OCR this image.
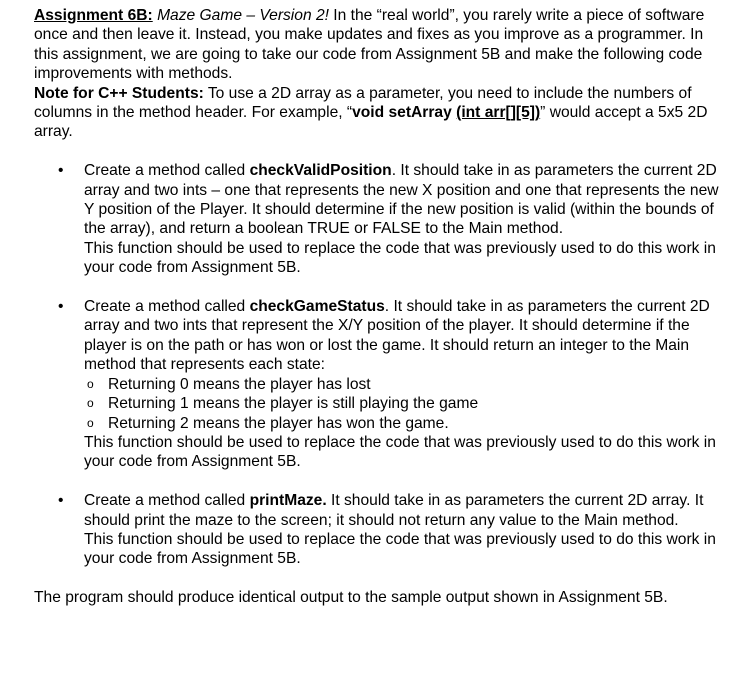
Assignment 6B: Maze Game – Version 2! In the “real world”, you rarely write a piece of software once and then leave it. Instead, you make updates and fixes as you improve as a programmer. In this assignment, we are going to take our code from Assignment 5B and make the following code improvements with methods.

Note for C++ Students: To use a 2D array as a parameter, you need to include the numbers of columns in the method header. For example, “void setArray (int arr[][5])” would accept a 5x5 2D array.

• Create a method called checkValidPosition. It should take in as parameters the current 2D array and two ints – one that represents the new X position and one that represents the new Y position of the Player. It should determine if the new position is valid (within the bounds of the array), and return a boolean TRUE or FALSE to the Main method.

This function should be used to replace the code that was previously used to do this work in your code from Assignment 5B.

• Create a method called checkGameStatus. It should take in as parameters the current 2D array and two ints that represent the X/Y position of the player. It should determine if the player is on the path or has won or lost the game. It should return an integer to the Main method that represents each state:

o Returning 0 means the player has lost
o Returning 1 means the player is still playing the game
o Returning 2 means the player has won the game.

This function should be used to replace the code that was previously used to do this work in your code from Assignment 5B.

• Create a method called printMaze. It should take in as parameters the current 2D array. It should print the maze to the screen; it should not return any value to the Main method.

This function should be used to replace the code that was previously used to do this work in your code from Assignment 5B.

The program should produce identical output to the sample output shown in Assignment 5B.
